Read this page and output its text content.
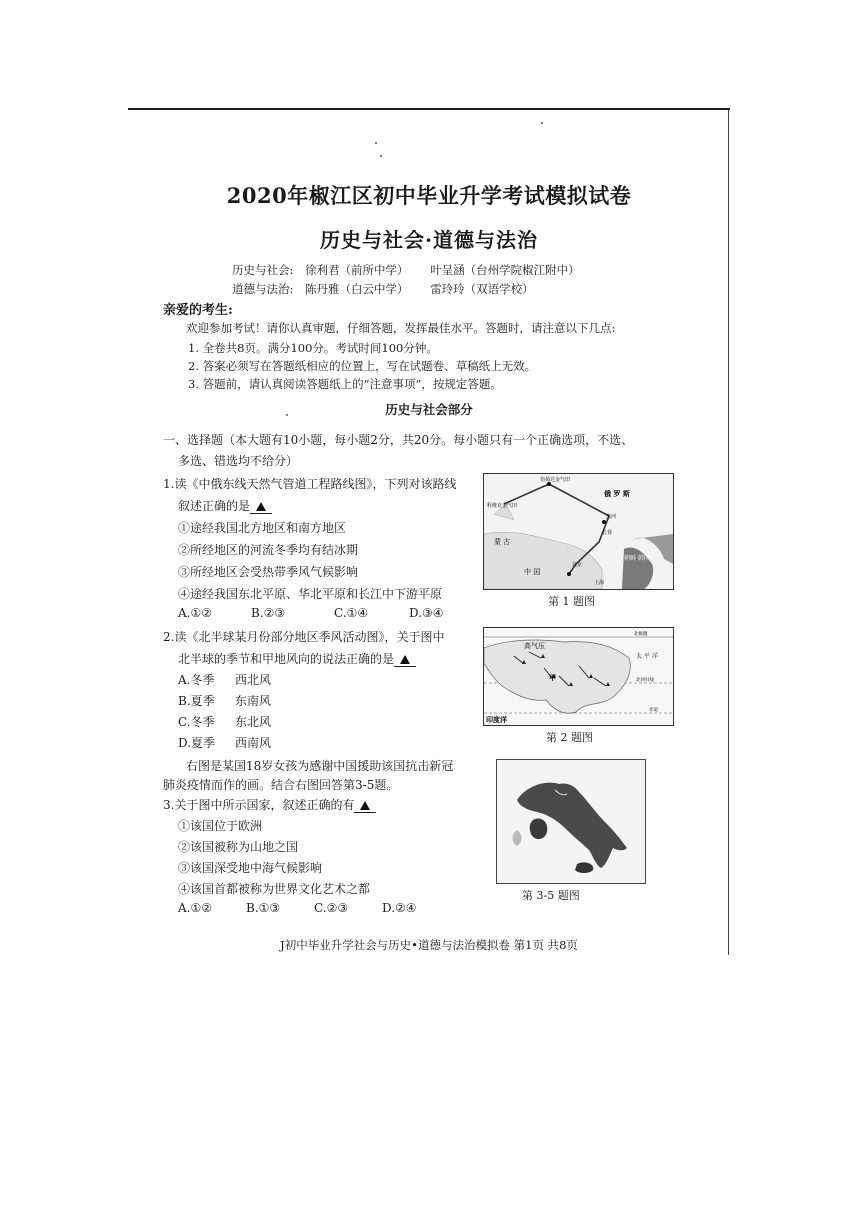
2020年椒江区初中毕业升学考试模拟试卷
历史与社会·道德与法治
历史与社会: 徐利君（前所中学） 叶呈涵（台州学院椒江附中）
道德与法治: 陈丹雅（白云中学） 雷玲玲（双语学校）
亲爱的考生:
欢迎参加考试！请你认真审题，仔细答题，发挥最佳水平。答题时，请注意以下几点:
1. 全卷共8页。满分100分。考试时间100分钟。
2. 答案必须写在答题纸相应的位置上，写在试题卷、草稿纸上无效。
3. 答题前，请认真阅读答题纸上的“注意事项”，按规定答题。
历史与社会部分
一、选择题（本大题有10小题，每小题2分，共20分。每小题只有一个正确选项，不选、
多选、错选均不给分）
1.读《中俄东线天然气管道工程路线图》，下列对该路线
叙述正确的是
①途经我国北方地区和南方地区
②所经地区的河流冬季均有结冰期
③所经地区会受热带季风气候影响
④途经我国东北平原、华北平原和长江中下游平原
A.①②	B.②③	C.①④	D.③④
恰扬达金气田
科维克金气田
俄 罗 斯
黑河
长春
蒙 古
中 国
朝鲜 韩国
北京
上海
第 1 题图
2.读《北半球某月份部分地区季风活动图》，关于图中
北半球的季节和甲地风向的说法正确的是
A.冬季 西北风
B.夏季 东南风
C.冬季 东北风
D.夏季 西南风
高气压
甲
太 平 洋
印度洋
北极圈
北回归线
赤道
第 2 题图
右图是某国18岁女孩为感谢中国援助该国抗击新冠
肺炎疫情而作的画。结合右图回答第3-5题。
3.关于图中所示国家，叙述正确的有
①该国位于欧洲
②该国被称为山地之国
③该国深受地中海气候影响
④该国首都被称为世界文化艺术之都
A.①②	B.①③	C.②③	D.②④
第 3-5 题图
J初中毕业升学社会与历史•道德与法治模拟卷 第1页 共8页
